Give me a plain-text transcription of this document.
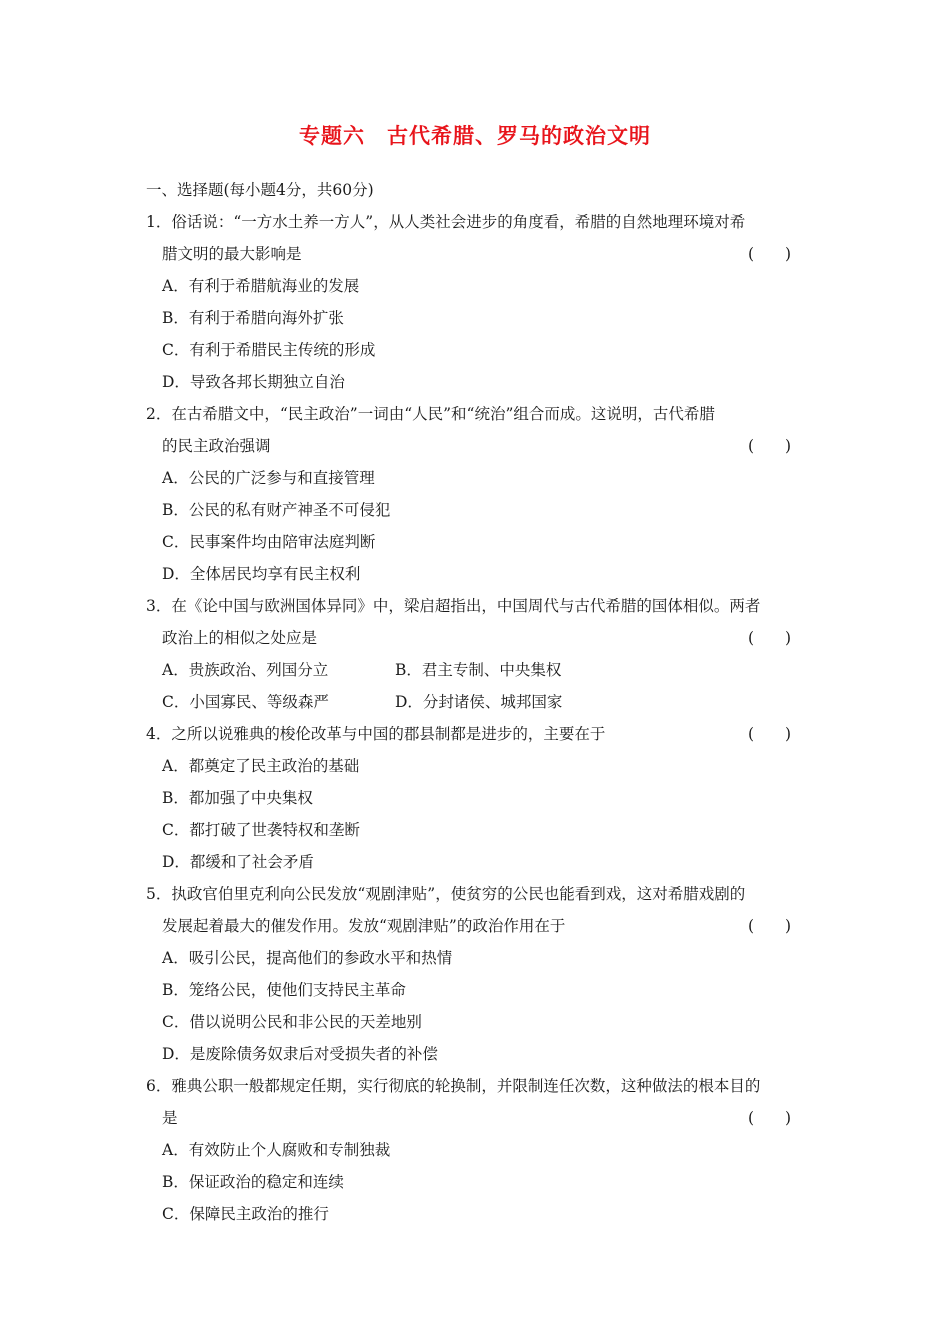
专题六　古代希腊、罗马的政治文明
一、选择题(每小题4分，共60分)
1．俗话说：“一方水土养一方人”，从人类社会进步的角度看，希腊的自然地理环境对希
腊文明的最大影响是	(　　)
A．有利于希腊航海业的发展
B．有利于希腊向海外扩张
C．有利于希腊民主传统的形成
D．导致各邦长期独立自治
2．在古希腊文中，“民主政治”一词由“人民”和“统治”组合而成。这说明，古代希腊
的民主政治强调	(　　)
A．公民的广泛参与和直接管理
B．公民的私有财产神圣不可侵犯
C．民事案件均由陪审法庭判断
D．全体居民均享有民主权利
3．在《论中国与欧洲国体异同》中，梁启超指出，中国周代与古代希腊的国体相似。两者
政治上的相似之处应是	(　　)
A．贵族政治、列国分立	B．君主专制、中央集权
C．小国寡民、等级森严	D．分封诸侯、城邦国家
4．之所以说雅典的梭伦改革与中国的郡县制都是进步的，主要在于	(　　)
A．都奠定了民主政治的基础
B．都加强了中央集权
C．都打破了世袭特权和垄断
D．都缓和了社会矛盾
5．执政官伯里克利向公民发放“观剧津贴”，使贫穷的公民也能看到戏，这对希腊戏剧的
发展起着最大的催发作用。发放“观剧津贴”的政治作用在于	(　　)
A．吸引公民，提高他们的参政水平和热情
B．笼络公民，使他们支持民主革命
C．借以说明公民和非公民的天差地别
D．是废除债务奴隶后对受损失者的补偿
6．雅典公职一般都规定任期，实行彻底的轮换制，并限制连任次数，这种做法的根本目的
是	(　　)
A．有效防止个人腐败和专制独裁
B．保证政治的稳定和连续
C．保障民主政治的推行
